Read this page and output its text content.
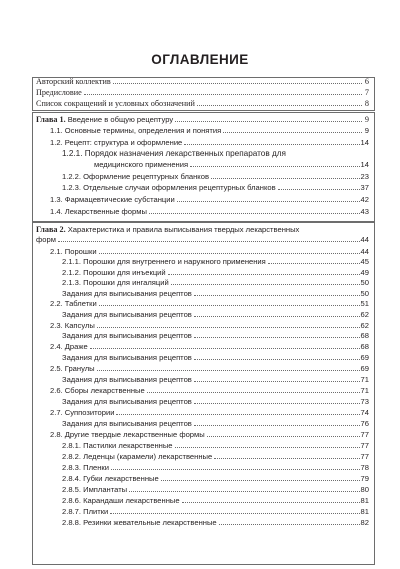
ОГЛАВЛЕНИЕ
Авторский коллектив	6
Предисловие	7
Список сокращений и условных обозначений	8
Глава 1. Введение в общую рецептуру	9
1.1. Основные термины, определения и понятия	9
1.2. Рецепт: структура и оформление	14
1.2.1. Порядок назначения лекарственных препаратов для
медицинского применения	14
1.2.2. Оформление рецептурных бланков	23
1.2.3. Отдельные случаи оформления рецептурных бланков	37
1.3. Фармацевтические субстанции	42
1.4. Лекарственные формы	43
Глава 2. Характеристика и правила выписывания твердых лекарственных
форм	44
2.1. Порошки	44
2.1.1. Порошки для внутреннего и наружного применения	45
2.1.2. Порошки для инъекций	49
2.1.3. Порошки для ингаляций	50
Задания для выписывания рецептов	50
2.2. Таблетки	51
Задания для выписывания рецептов	62
2.3. Капсулы	62
Задания для выписывания рецептов	68
2.4. Драже	68
Задания для выписывания рецептов	69
2.5. Гранулы	69
Задания для выписывания рецептов	71
2.6. Сборы лекарственные	71
Задания для выписывания рецептов	73
2.7. Суппозитории	74
Задания для выписывания рецептов	76
2.8. Другие твердые лекарственные формы	77
2.8.1. Пастилки лекарственные	77
2.8.2. Леденцы (карамели) лекарственные	77
2.8.3. Пленки	78
2.8.4. Губки лекарственные	79
2.8.5. Имплантаты	80
2.8.6. Карандаши лекарственные	81
2.8.7. Плитки	81
2.8.8. Резинки жевательные лекарственные	82
